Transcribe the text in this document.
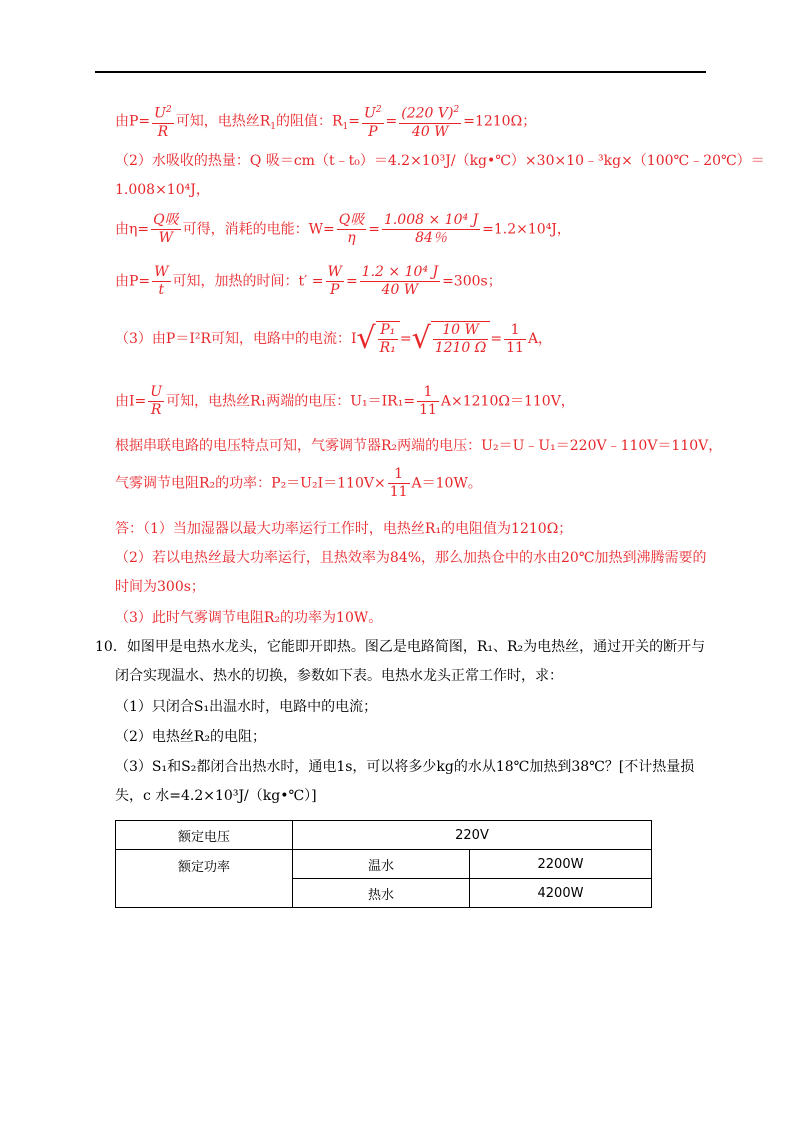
由$P= \frac{U^2}{R}$ 可知，电热丝$R_1$的阻值：$R_1= \frac{U^2}{P} = \frac{(220 V)^2}{40 W} =1210\Omega$；
（2）水吸收的热量：Q 吸＝cm（t﹣t₀）＝4.2×10³J/（kg•℃）×30×10﹣³kg×（100℃﹣20℃）＝
1.008×10⁴J，
由$\eta= \frac{\text{Q吸}}{W}$ 可得，消耗的电能：$W= \frac{\text{Q吸}}{\eta} = \frac{\text{1.008 × 10⁴ J}}{84\%} =1.2\times 10^4J$，
由$P= \frac{W}{t}$ 可知，加热的时间：$t' = \frac{W}{P} = \frac{\text{1.2 × 10⁴ J}}{40 W} =300s$；
（3）由P＝I²R可知，电路中的电流：$I√ \frac{\text{P₁}}{\text{R₁}}$ =√ $\frac{10 W}{1210 \Omega} = \frac{1}{11}$ A，
由$I= \frac{U}{R}$ 可知，电热丝R₁两端的电压：$U_1=IR_1= \frac{1}{11} A\times 1210\Omega=110V$，
根据串联电路的电压特点可知，气雾调节器R₂两端的电压：U₂＝U﹣U₁＝220V﹣110V＝110V，
气雾调节电阻R₂的功率：$P_2=U_2I=110V\times \frac{1}{11} A=10W$。
答：（1）当加湿器以最大功率运行工作时，电热丝R₁的电阻值为1210Ω；
（2）若以电热丝最大功率运行，且热效率为84%，那么加热仓中的水由20℃加热到沸腾需要的
时间为300s；
（3）此时气雾调节电阻R₂的功率为10W。
10．如图甲是电热水龙头，它能即开即热。图乙是电路简图，R₁、R₂为电热丝，通过开关的断开与
闭合实现温水、热水的切换，参数如下表。电热水龙头正常工作时，求：
（1）只闭合S₁出温水时，电路中的电流；
（2）电热丝R₂的电阻；
（3）S₁和S₂都闭合出热水时，通电1s，可以将多少kg的水从18℃加热到38℃？[不计热量损
失，c 水=4.2×10³J/（kg•℃）]
额定电压	220V	
额定功率	温水	2200W
	热水	4200W
